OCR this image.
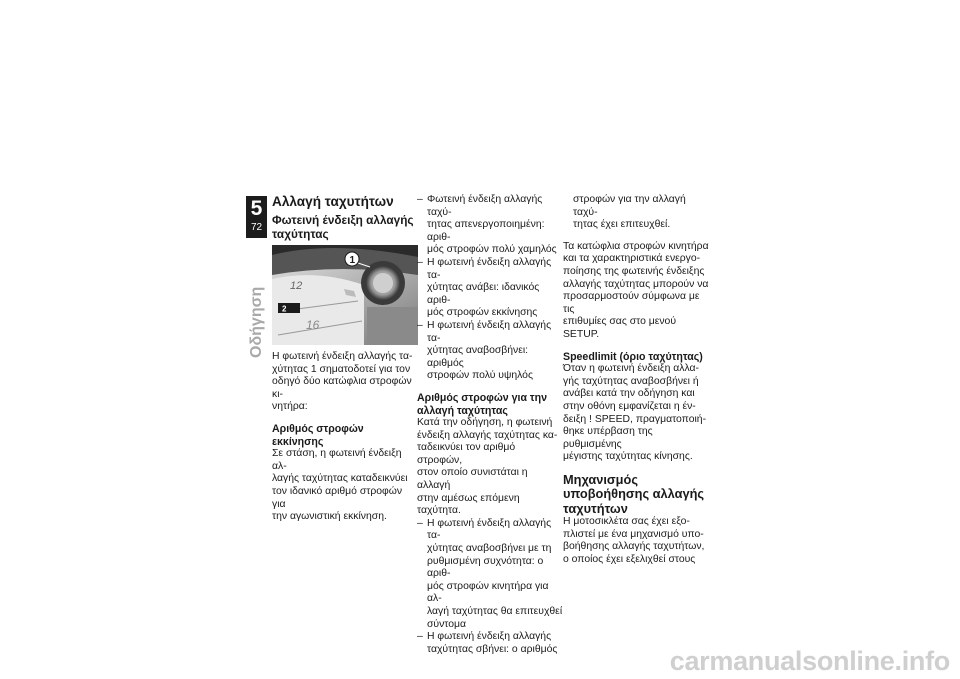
5
72
Οδήγηση
Αλλαγή ταχυτήτων
Φωτεινή ένδειξη αλλαγής ταχύτητας
12
16
2
1
Η φωτεινή ένδειξη αλλαγής τα-
χύτητας 1 σηματοδοτεί για τον
οδηγό δύο κατώφλια στροφών κι-
νητήρα:
Αριθμός στροφών εκκίνησης
Σε στάση, η φωτεινή ένδειξη αλ-
λαγής ταχύτητας καταδεικνύει
τον ιδανικό αριθμό στροφών για
την αγωνιστική εκκίνηση.
– Φωτεινή ένδειξη αλλαγής ταχύ-
τητας απενεργοποιημένη: αριθ-
μός στροφών πολύ χαμηλός
– Η φωτεινή ένδειξη αλλαγής τα-
χύτητας ανάβει: ιδανικός αριθ-
μός στροφών εκκίνησης
– Η φωτεινή ένδειξη αλλαγής τα-
χύτητας αναβοσβήνει: αριθμός
στροφών πολύ υψηλός
Αριθμός στροφών για την
αλλαγή ταχύτητας
Κατά την οδήγηση, η φωτεινή
ένδειξη αλλαγής ταχύτητας κα-
ταδεικνύει τον αριθμό στροφών,
στον οποίο συνιστάται η αλλαγή
στην αμέσως επόμενη ταχύτητα.
– Η φωτεινή ένδειξη αλλαγής τα-
χύτητας αναβοσβήνει με τη
ρυθμισμένη συχνότητα: ο αριθ-
μός στροφών κινητήρα για αλ-
λαγή ταχύτητας θα επιτευχθεί
σύντομα
– Η φωτεινή ένδειξη αλλαγής
ταχύτητας σβήνει: ο αριθμός
στροφών για την αλλαγή ταχύ-
τητας έχει επιτευχθεί.
Τα κατώφλια στροφών κινητήρα
και τα χαρακτηριστικά ενεργο-
ποίησης της φωτεινής ένδειξης
αλλαγής ταχύτητας μπορούν να
προσαρμοστούν σύμφωνα με τις
επιθυμίες σας στο μενού SETUP.
Speedlimit (όριο ταχύτητας)
Όταν η φωτεινή ένδειξη αλλα-
γής ταχύτητας αναβοσβήνει ή
ανάβει κατά την οδήγηση και
στην οθόνη εμφανίζεται η έν-
δειξη ! SPEED, πραγματοποιή-
θηκε υπέρβαση της ρυθμισμένης
μέγιστης ταχύτητας κίνησης.
Μηχανισμός
υποβοήθησης αλλαγής
ταχυτήτων
Η μοτοσικλέτα σας έχει εξο-
πλιστεί με ένα μηχανισμό υπο-
βοήθησης αλλαγής ταχυτήτων,
ο οποίος έχει εξελιχθεί στους
carmanualsonline.info
